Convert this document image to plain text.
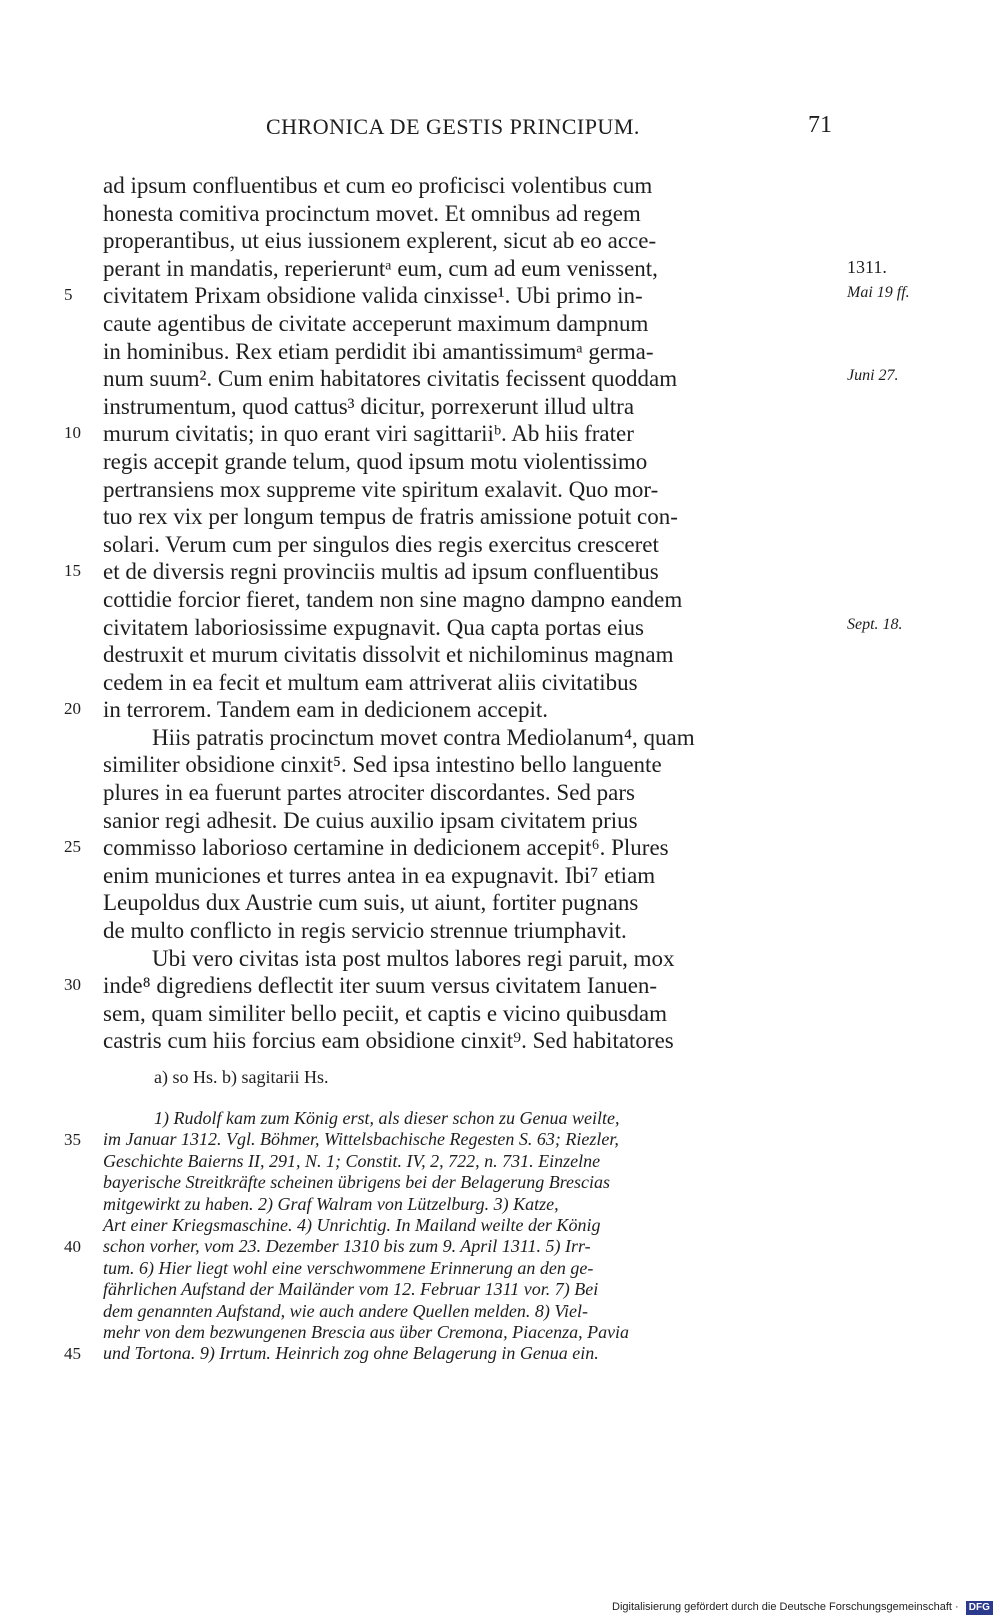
CHRONICA DE GESTIS PRINCIPUM.	71
ad ipsum confluentibus et cum eo proficisci volentibus cum
honesta comitiva procinctum movet. Et omnibus ad regem
properantibus, ut eius iussionem explerent, sicut ab eo acce-
perant in mandatis, reperieruntᵃ eum, cum ad eum venissent,	1311.
5	civitatem Prixam obsidione valida cinxisse¹. Ubi primo in-	Mai 19 ff.
caute agentibus de civitate acceperunt maximum dampnum
in hominibus. Rex etiam perdidit ibi amantissimumᵃ germa-
num suum². Cum enim habitatores civitatis fecissent quoddam	Juni 27.
instrumentum, quod cattus³ dicitur, porrexerunt illud ultra
10 murum civitatis; in quo erant viri sagittariiᵇ. Ab hiis frater
regis accepit grande telum, quod ipsum motu violentissimo
pertransiens mox suppreme vite spiritum exalavit. Quo mor-
tuo rex vix per longum tempus de fratris amissione potuit con-
solari. Verum cum per singulos dies regis exercitus cresceret
15 et de diversis regni provinciis multis ad ipsum confluentibus
cottidie forcior fieret, tandem non sine magno dampno eandem
civitatem laboriosissime expugnavit. Qua capta portas eius	Sept. 18.
destruxit et murum civitatis dissolvit et nichilominus magnam
cedem in ea fecit et multum eam attriverat aliis civitatibus
20 in terrorem. Tandem eam in dedicionem accepit.
Hiis patratis procinctum movet contra Mediolanum⁴, quam
similiter obsidione cinxit⁵. Sed ipsa intestino bello languente
plures in ea fuerunt partes atrociter discordantes. Sed pars
sanior regi adhesit. De cuius auxilio ipsam civitatem prius
25 commisso laborioso certamine in dedicionem accepit⁶. Plures
enim municiones et turres antea in ea expugnavit. Ibi⁷ etiam
Leupoldus dux Austrie cum suis, ut aiunt, fortiter pugnans
de multo conflicto in regis servicio strennue triumphavit.
Ubi vero civitas ista post multos labores regi paruit, mox
30 inde⁸ digrediens deflectit iter suum versus civitatem Ianuen-
sem, quam similiter bello peciit, et captis e vicino quibusdam
castris cum hiis forcius eam obsidione cinxit⁹. Sed habitatores
a) so Hs. b) sagitarii Hs.
1) Rudolf kam zum König erst, als dieser schon zu Genua weilte,
35 im Januar 1312. Vgl. Böhmer, Wittelsbachische Regesten S. 63; Riezler,
Geschichte Baierns II, 291, N. 1; Constit. IV, 2, 722, n. 731. Einzelne
bayerische Streitkräfte scheinen übrigens bei der Belagerung Brescias
mitgewirkt zu haben. 2) Graf Walram von Lützelburg. 3) Katze,
Art einer Kriegsmaschine. 4) Unrichtig. In Mailand weilte der König
40 schon vorher, vom 23. Dezember 1310 bis zum 9. April 1311. 5) Irr-
tum. 6) Hier liegt wohl eine verschwommene Erinnerung an den ge-
fährlichen Aufstand der Mailänder vom 12. Februar 1311 vor. 7) Bei
dem genannten Aufstand, wie auch andere Quellen melden. 8) Viel-
mehr von dem bezwungenen Brescia aus über Cremona, Piacenza, Pavia
45 und Tortona. 9) Irrtum. Heinrich zog ohne Belagerung in Genua ein.
Digitalisierung gefördert durch die Deutsche Forschungsgemeinschaft · DFG
